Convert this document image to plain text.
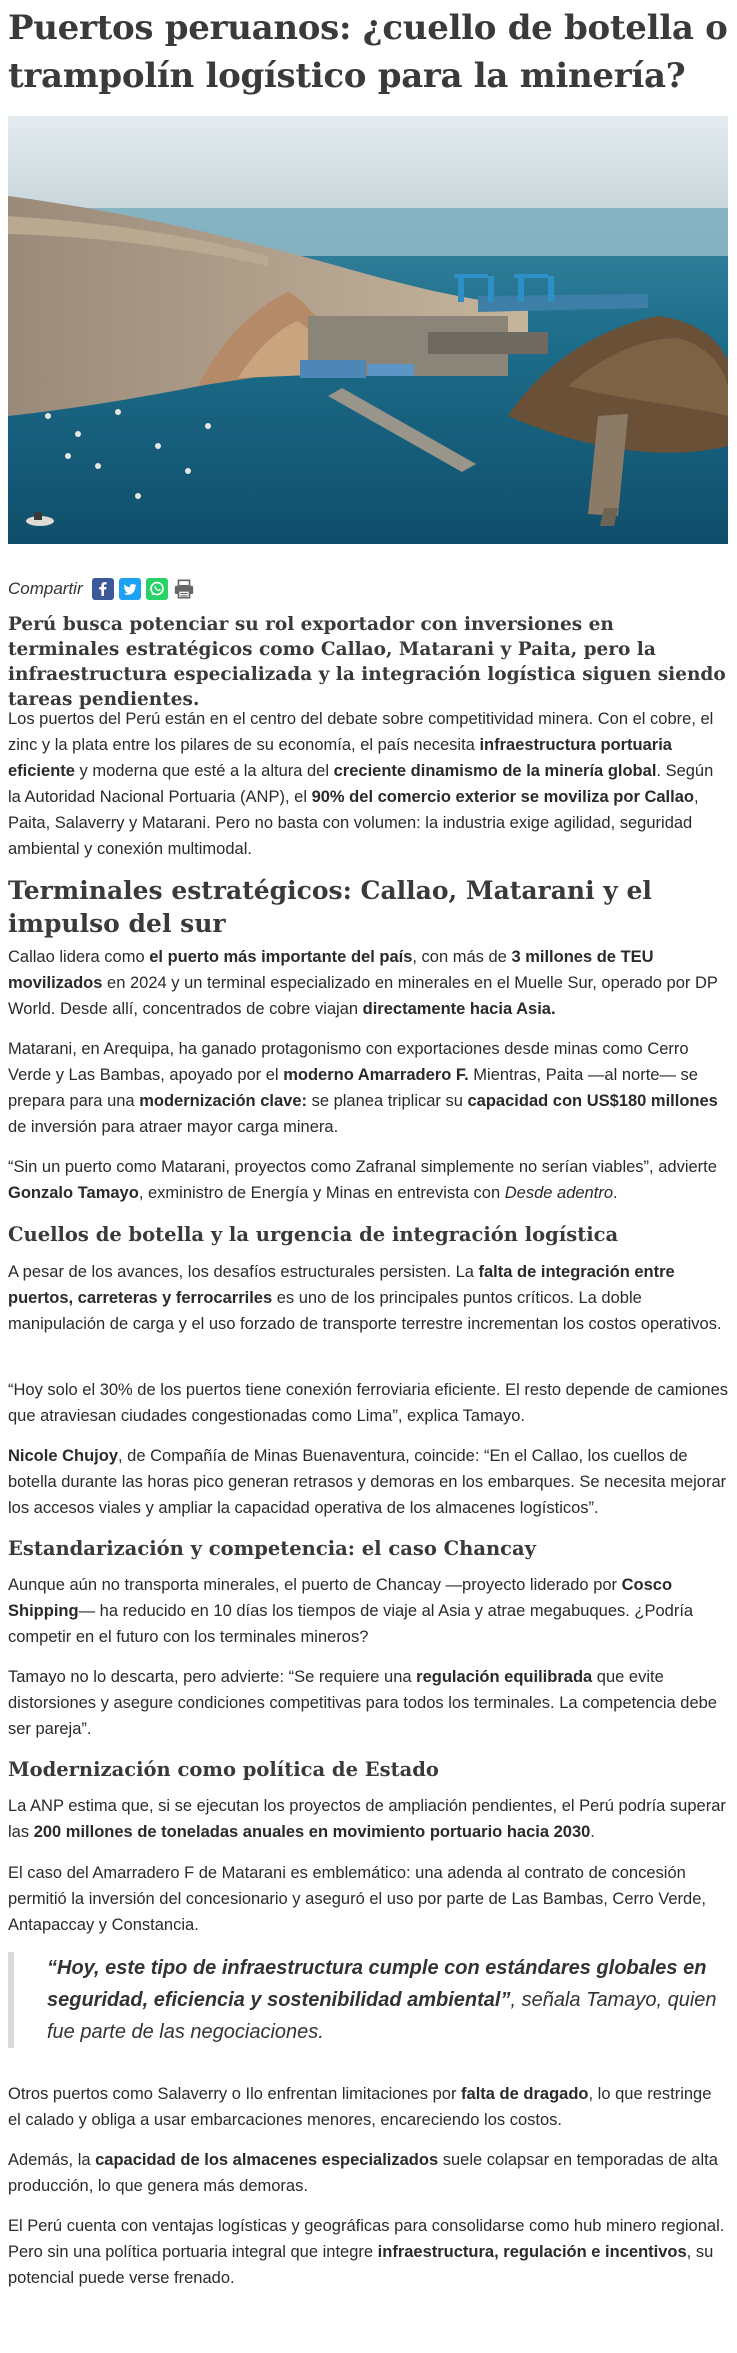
Puertos peruanos: ¿cuello de botella o trampolín logístico para la minería?
Compartir
Perú busca potenciar su rol exportador con inversiones en terminales estratégicos como Callao, Matarani y Paita, pero la infraestructura especializada y la integración logística siguen siendo tareas pendientes.

Los puertos del Perú están en el centro del debate sobre competitividad minera. Con el cobre, el zinc y la plata entre los pilares de su economía, el país necesita infraestructura portuaria eficiente y moderna que esté a la altura del creciente dinamismo de la minería global. Según la Autoridad Nacional Portuaria (ANP), el 90% del comercio exterior se moviliza por Callao, Paita, Salaverry y Matarani. Pero no basta con volumen: la industria exige agilidad, seguridad ambiental y conexión multimodal.

Terminales estratégicos: Callao, Matarani y el impulso del sur

Callao lidera como el puerto más importante del país, con más de 3 millones de TEU movilizados en 2024 y un terminal especializado en minerales en el Muelle Sur, operado por DP World. Desde allí, concentrados de cobre viajan directamente hacia Asia.

Matarani, en Arequipa, ha ganado protagonismo con exportaciones desde minas como Cerro Verde y Las Bambas, apoyado por el moderno Amarradero F. Mientras, Paita —al norte— se prepara para una modernización clave: se planea triplicar su capacidad con US$180 millones de inversión para atraer mayor carga minera.

“Sin un puerto como Matarani, proyectos como Zafranal simplemente no serían viables”, advierte Gonzalo Tamayo, exministro de Energía y Minas en entrevista con Desde adentro.

Cuellos de botella y la urgencia de integración logística

A pesar de los avances, los desafíos estructurales persisten. La falta de integración entre puertos, carreteras y ferrocarriles es uno de los principales puntos críticos. La doble manipulación de carga y el uso forzado de transporte terrestre incrementan los costos operativos.

“Hoy solo el 30% de los puertos tiene conexión ferroviaria eficiente. El resto depende de camiones que atraviesan ciudades congestionadas como Lima”, explica Tamayo.

Nicole Chujoy, de Compañía de Minas Buenaventura, coincide: “En el Callao, los cuellos de botella durante las horas pico generan retrasos y demoras en los embarques. Se necesita mejorar los accesos viales y ampliar la capacidad operativa de los almacenes logísticos”.

Estandarización y competencia: el caso Chancay

Aunque aún no transporta minerales, el puerto de Chancay —proyecto liderado por Cosco Shipping— ha reducido en 10 días los tiempos de viaje al Asia y atrae megabuques. ¿Podría competir en el futuro con los terminales mineros?

Tamayo no lo descarta, pero advierte: “Se requiere una regulación equilibrada que evite distorsiones y asegure condiciones competitivas para todos los terminales. La competencia debe ser pareja”.

Modernización como política de Estado

La ANP estima que, si se ejecutan los proyectos de ampliación pendientes, el Perú podría superar las 200 millones de toneladas anuales en movimiento portuario hacia 2030.

El caso del Amarradero F de Matarani es emblemático: una adenda al contrato de concesión permitió la inversión del concesionario y aseguró el uso por parte de Las Bambas, Cerro Verde, Antapaccay y Constancia.

“Hoy, este tipo de infraestructura cumple con estándares globales en seguridad, eficiencia y sostenibilidad ambiental”, señala Tamayo, quien fue parte de las negociaciones.

Otros puertos como Salaverry o Ilo enfrentan limitaciones por falta de dragado, lo que restringe el calado y obliga a usar embarcaciones menores, encareciendo los costos.

Además, la capacidad de los almacenes especializados suele colapsar en temporadas de alta producción, lo que genera más demoras.

El Perú cuenta con ventajas logísticas y geográficas para consolidarse como hub minero regional. Pero sin una política portuaria integral que integre infraestructura, regulación e incentivos, su potencial puede verse frenado.
